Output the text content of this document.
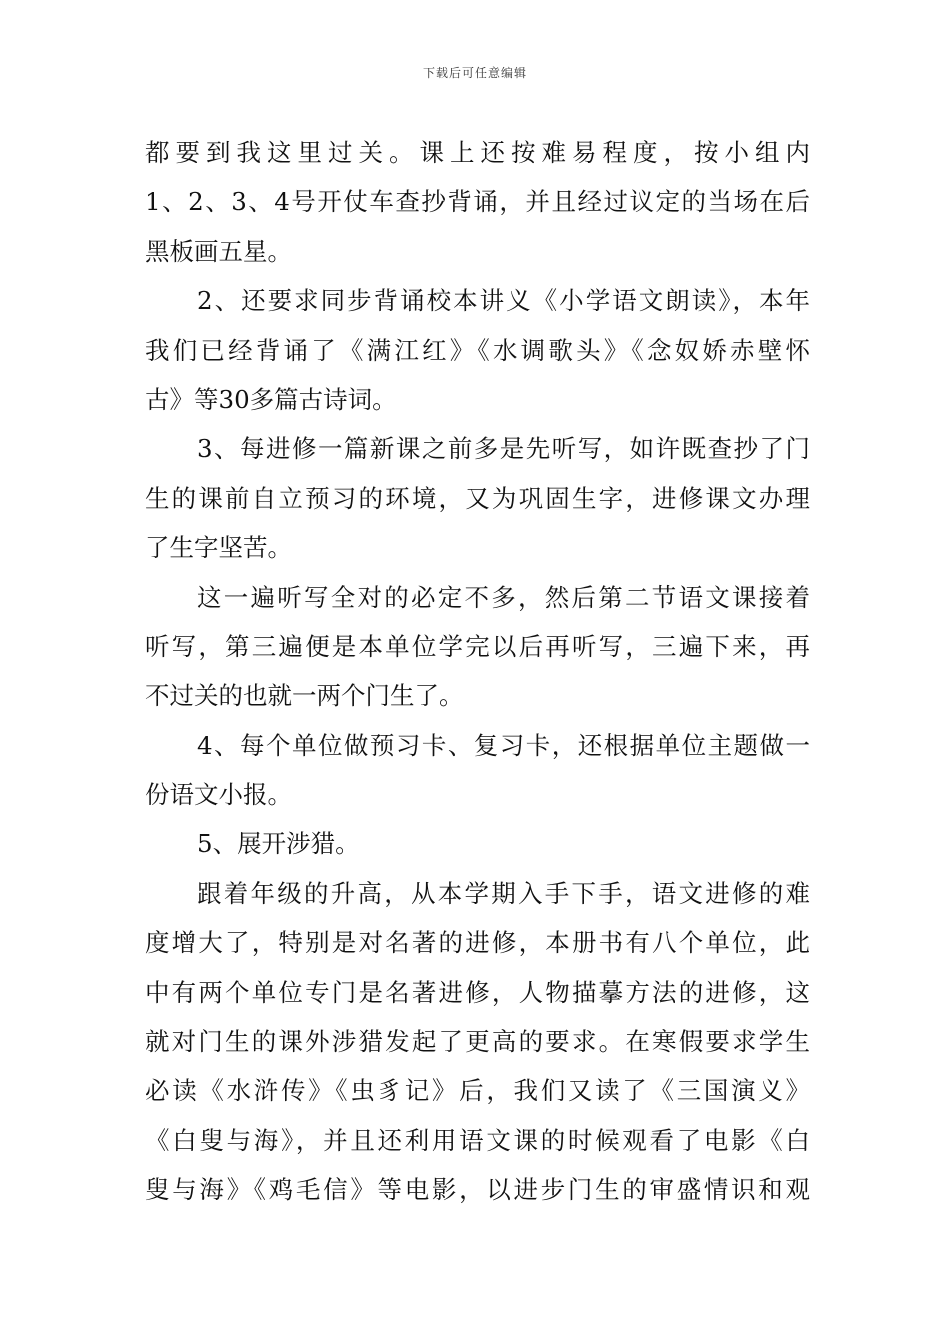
下载后可任意编辑
都要到我这里过关。课上还按难易程度，按小组内
1、2、3、4号开仗车查抄背诵，并且经过议定的当场在后
黑板画五星。
2、还要求同步背诵校本讲义《小学语文朗读》，本年
我们已经背诵了《满江红》《水调歌头》《念奴娇赤壁怀
古》等30多篇古诗词。
3、每进修一篇新课之前多是先听写，如许既查抄了门
生的课前自立预习的环境，又为巩固生字，进修课文办理
了生字坚苦。
这一遍听写全对的必定不多，然后第二节语文课接着
听写，第三遍便是本单位学完以后再听写，三遍下来，再
不过关的也就一两个门生了。
4、每个单位做预习卡、复习卡，还根据单位主题做一
份语文小报。
5、展开涉猎。
跟着年级的升高，从本学期入手下手，语文进修的难
度增大了，特别是对名著的进修，本册书有八个单位，此
中有两个单位专门是名著进修，人物描摹方法的进修，这
就对门生的课外涉猎发起了更高的要求。在寒假要求学生
必读《水浒传》《虫豸记》后，我们又读了《三国演义》
《白叟与海》，并且还利用语文课的时候观看了电影《白
叟与海》《鸡毛信》等电影，以进步门生的审盛情识和观
